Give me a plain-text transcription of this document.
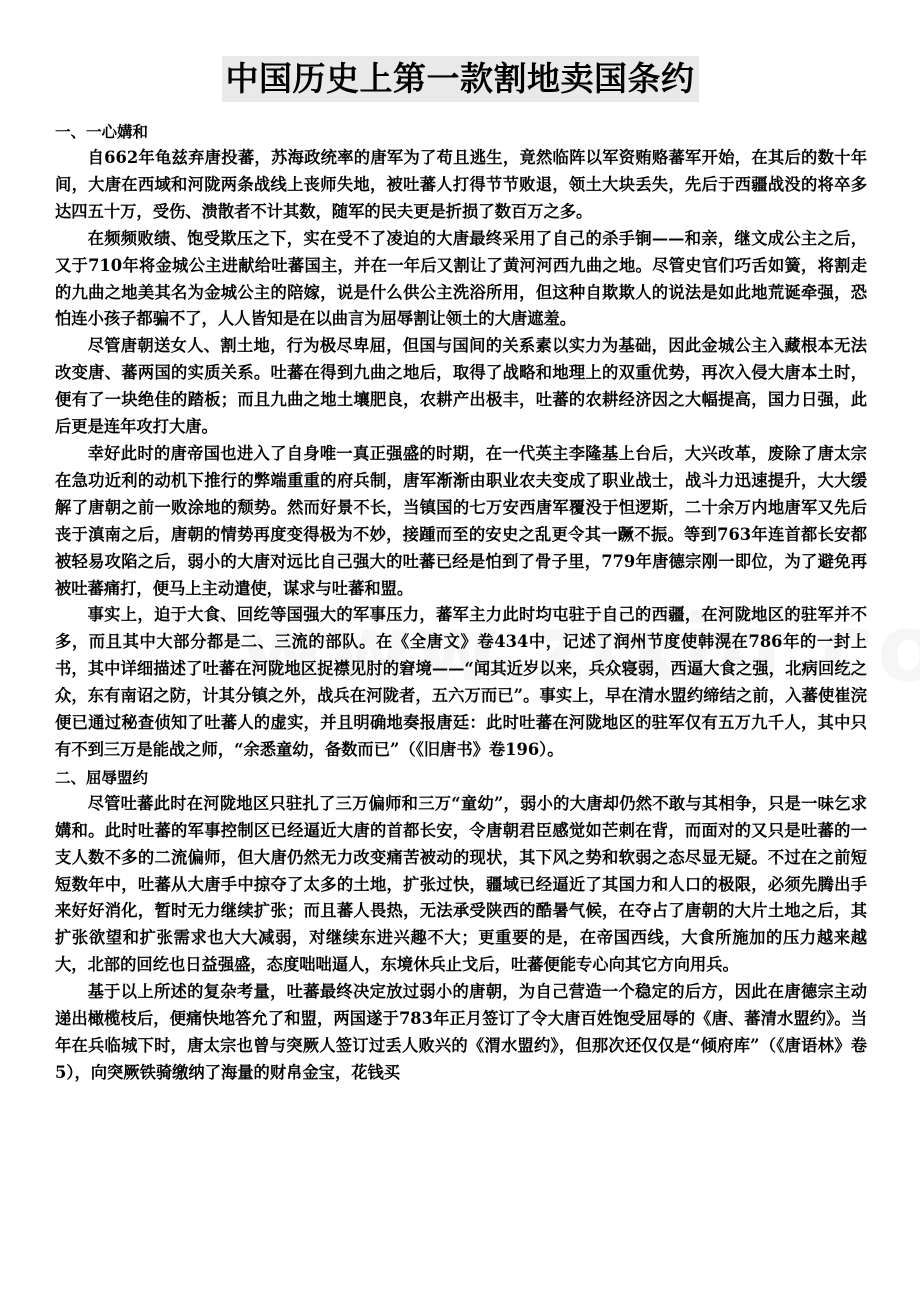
中国历史上第一款割地卖国条约

一、一心媾和

自662年龟兹弃唐投蕃，苏海政统率的唐军为了苟且逃生，竟然临阵以军资贿赂蕃军开始，在其后的数十年间，大唐在西域和河陇两条战线上丧师失地，被吐蕃人打得节节败退，领土大块丢失，先后于西疆战没的将卒多达四五十万，受伤、溃散者不计其数，随军的民夫更是折损了数百万之多。

在频频败绩、饱受欺压之下，实在受不了凌迫的大唐最终采用了自己的杀手锏——和亲，继文成公主之后，又于710年将金城公主进献给吐蕃国主，并在一年后又割让了黄河河西九曲之地。尽管史官们巧舌如簧，将割走的九曲之地美其名为金城公主的陪嫁，说是什么供公主洗浴所用，但这种自欺欺人的说法是如此地荒诞牵强，恐怕连小孩子都骗不了，人人皆知是在以曲言为屈辱割让领土的大唐遮羞。

尽管唐朝送女人、割土地，行为极尽卑屈，但国与国间的关系素以实力为基础，因此金城公主入藏根本无法改变唐、蕃两国的实质关系。吐蕃在得到九曲之地后，取得了战略和地理上的双重优势，再次入侵大唐本土时，便有了一块绝佳的踏板；而且九曲之地土壤肥良，农耕产出极丰，吐蕃的农耕经济因之大幅提高，国力日强，此后更是连年攻打大唐。

幸好此时的唐帝国也进入了自身唯一真正强盛的时期，在一代英主李隆基上台后，大兴改革，废除了唐太宗在急功近利的动机下推行的弊端重重的府兵制，唐军渐渐由职业农夫变成了职业战士，战斗力迅速提升，大大缓解了唐朝之前一败涂地的颓势。然而好景不长，当镇国的七万安西唐军覆没于怛逻斯，二十余万内地唐军又先后丧于滇南之后，唐朝的情势再度变得极为不妙，接踵而至的安史之乱更令其一蹶不振。等到763年连首都长安都被轻易攻陷之后，弱小的大唐对远比自己强大的吐蕃已经是怕到了骨子里，779年唐德宗刚一即位，为了避免再被吐蕃痛打，便马上主动遣使，谋求与吐蕃和盟。

事实上，迫于大食、回纥等国强大的军事压力，蕃军主力此时均屯驻于自己的西疆，在河陇地区的驻军并不多，而且其中大部分都是二、三流的部队。在《全唐文》卷434中，记述了润州节度使韩滉在786年的一封上书，其中详细描述了吐蕃在河陇地区捉襟见肘的窘境——“闻其近岁以来，兵众寝弱，西逼大食之强，北病回纥之众，东有南诏之防，计其分镇之外，战兵在河陇者，五六万而已”。事实上，早在清水盟约缔结之前，入蕃使崔浣便已通过秘查侦知了吐蕃人的虚实，并且明确地奏报唐廷：此时吐蕃在河陇地区的驻军仅有五万九千人，其中只有不到三万是能战之师，“余悉童幼，备数而已”（《旧唐书》卷196）。

二、屈辱盟约

尽管吐蕃此时在河陇地区只驻扎了三万偏师和三万“童幼”，弱小的大唐却仍然不敢与其相争，只是一味乞求媾和。此时吐蕃的军事控制区已经逼近大唐的首都长安，令唐朝君臣感觉如芒刺在背，而面对的又只是吐蕃的一支人数不多的二流偏师，但大唐仍然无力改变痛苦被动的现状，其下风之势和软弱之态尽显无疑。不过在之前短短数年中，吐蕃从大唐手中掠夺了太多的土地，扩张过快，疆域已经逼近了其国力和人口的极限，必须先腾出手来好好消化，暂时无力继续扩张；而且蕃人畏热，无法承受陕西的酷暑气候，在夺占了唐朝的大片土地之后，其扩张欲望和扩张需求也大大减弱，对继续东进兴趣不大；更重要的是，在帝国西线，大食所施加的压力越来越大，北部的回纥也日益强盛，态度咄咄逼人，东境休兵止戈后，吐蕃便能专心向其它方向用兵。

基于以上所述的复杂考量，吐蕃最终决定放过弱小的唐朝，为自己营造一个稳定的后方，因此在唐德宗主动递出橄榄枝后，便痛快地答允了和盟，两国遂于783年正月签订了令大唐百姓饱受屈辱的《唐、蕃清水盟约》。当年在兵临城下时，唐太宗也曾与突厥人签订过丢人败兴的《渭水盟约》，但那次还仅仅是“倾府库”（《唐语林》卷5），向突厥铁骑缴纳了海量的财帛金宝，花钱买
